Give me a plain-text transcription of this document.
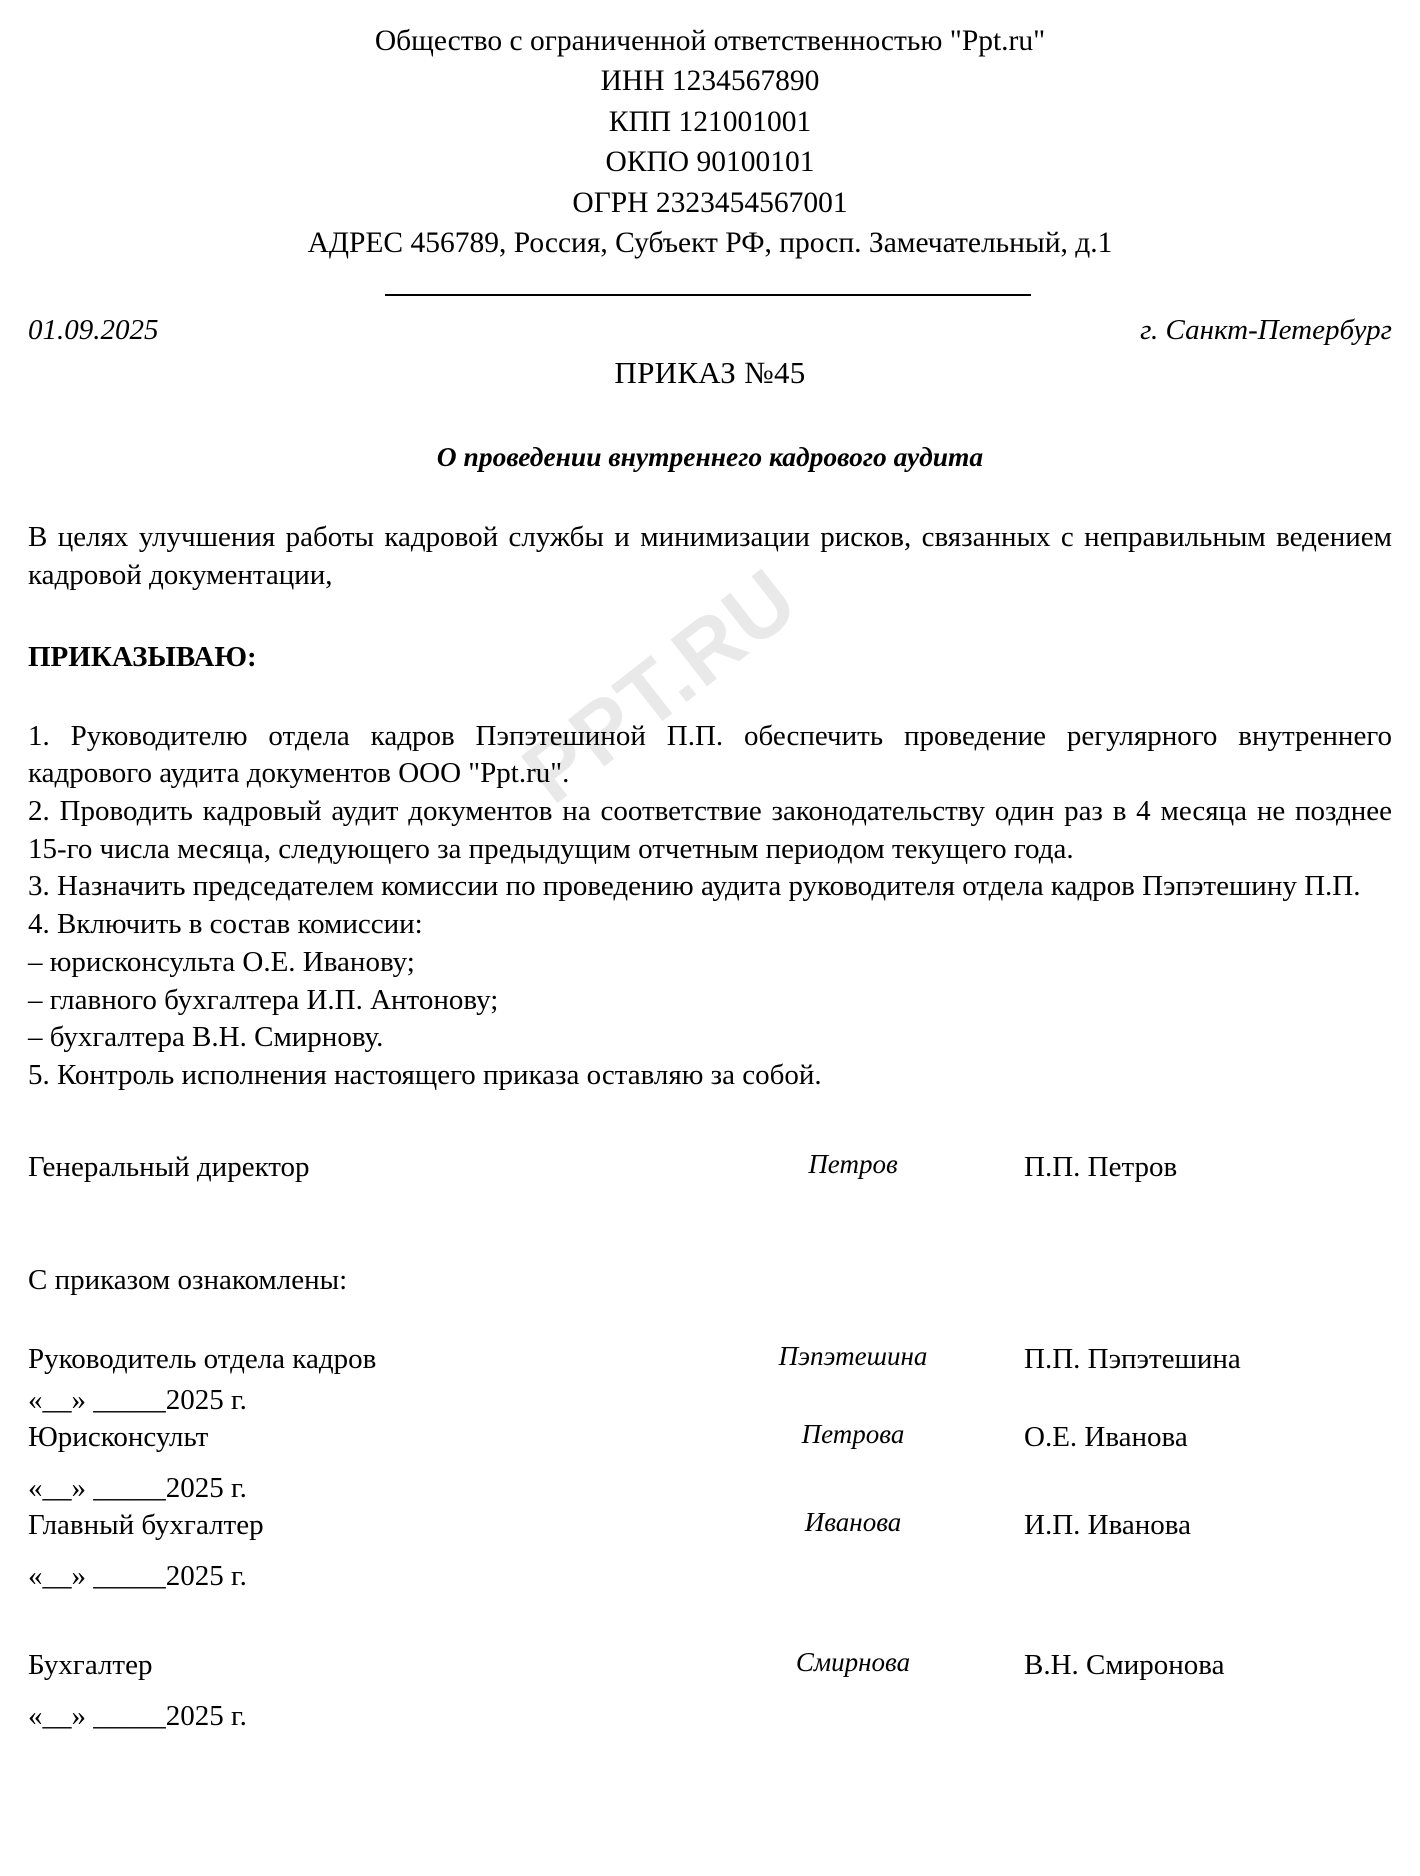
PPT.RU
Общество с ограниченной ответственностью "Ppt.ru"
ИНН 1234567890
КПП 121001001
ОКПО 90100101
ОГРН 2323454567001
АДРЕС 456789, Россия, Субъект РФ, просп. Замечательный, д.1
01.09.2025	г. Санкт-Петербург
ПРИКАЗ №45
О проведении внутреннего кадрового аудита
В целях улучшения работы кадровой службы и минимизации рисков, связанных с неправильным ведением кадровой документации,
ПРИКАЗЫВАЮ:
1. Руководителю отдела кадров Пэпэтешиной П.П. обеспечить проведение регулярного внутреннего кадрового аудита документов ООО "Ppt.ru".
2. Проводить кадровый аудит документов на соответствие законодательству один раз в 4 месяца не позднее 15-го числа месяца, следующего за предыдущим отчетным периодом текущего года.
3. Назначить председателем комиссии по проведению аудита руководителя отдела кадров Пэпэтешину П.П.
4. Включить в состав комиссии:
– юрисконсульта О.Е. Иванову;
– главного бухгалтера И.П. Антонову;
– бухгалтера В.Н. Смирнову.
5. Контроль исполнения настоящего приказа оставляю за собой.
Генеральный директор	Петров	П.П. Петров
С приказом ознакомлены:
Руководитель отдела кадров	Пэпэтешина	П.П. Пэпэтешина
«__» _____2025 г.
Юрисконсульт	Петрова	О.Е. Иванова
«__» _____2025 г.
Главный бухгалтер	Иванова	И.П. Иванова
«__» _____2025 г.
Бухгалтер	Смирнова	В.Н. Смиронова
«__» _____2025 г.
